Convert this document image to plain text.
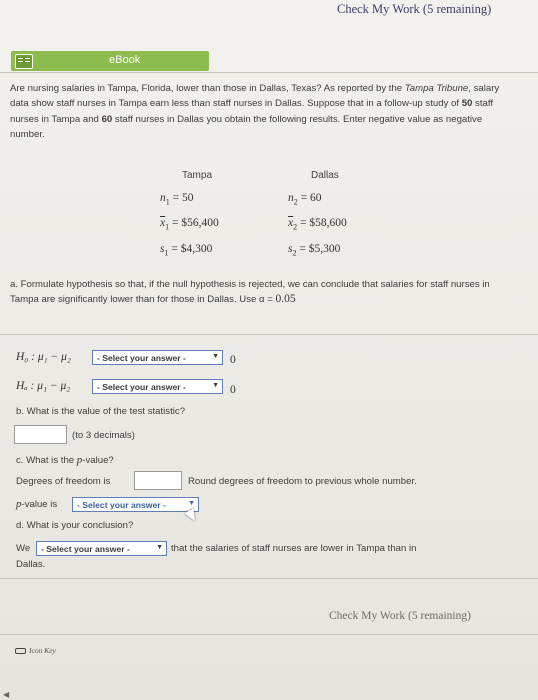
Check My Work (5 remaining)
eBook
Are nursing salaries in Tampa, Florida, lower than those in Dallas, Texas? As reported by the Tampa Tribune, salary data show staff nurses in Tampa earn less than staff nurses in Dallas. Suppose that in a follow-up study of 50 staff nurses in Tampa and 60 staff nurses in Dallas you obtain the following results. Enter negative value as negative number.
Tampa	Dallas
$n_1 = 50$	$n_2 = 60$
$\overline{x}_1$ = $56,400	$\overline{x}_2$ = $58,600
$s_1$ = $4,300	$s_2$ = $5,300
a. Formulate hypothesis so that, if the null hypothesis is rejected, we can conclude that salaries for staff nurses in Tampa are significantly lower than for those in Dallas. Use α = 0.05
H₀ : μ₁ − μ₂	- Select your answer -	▼ 0
Hₐ : μ₁ − μ₂	- Select your answer -	▼ 0
b. What is the value of the test statistic?
(to 3 decimals)
c. What is the p-value?
Degrees of freedom is	Round degrees of freedom to previous whole number.
p-value is	- Select your answer -	▼
d. What is your conclusion?
We	- Select your answer -	▼ that the salaries of staff nurses are lower in Tampa than in
Dallas.
Check My Work (5 remaining)
Icon Key
◀
